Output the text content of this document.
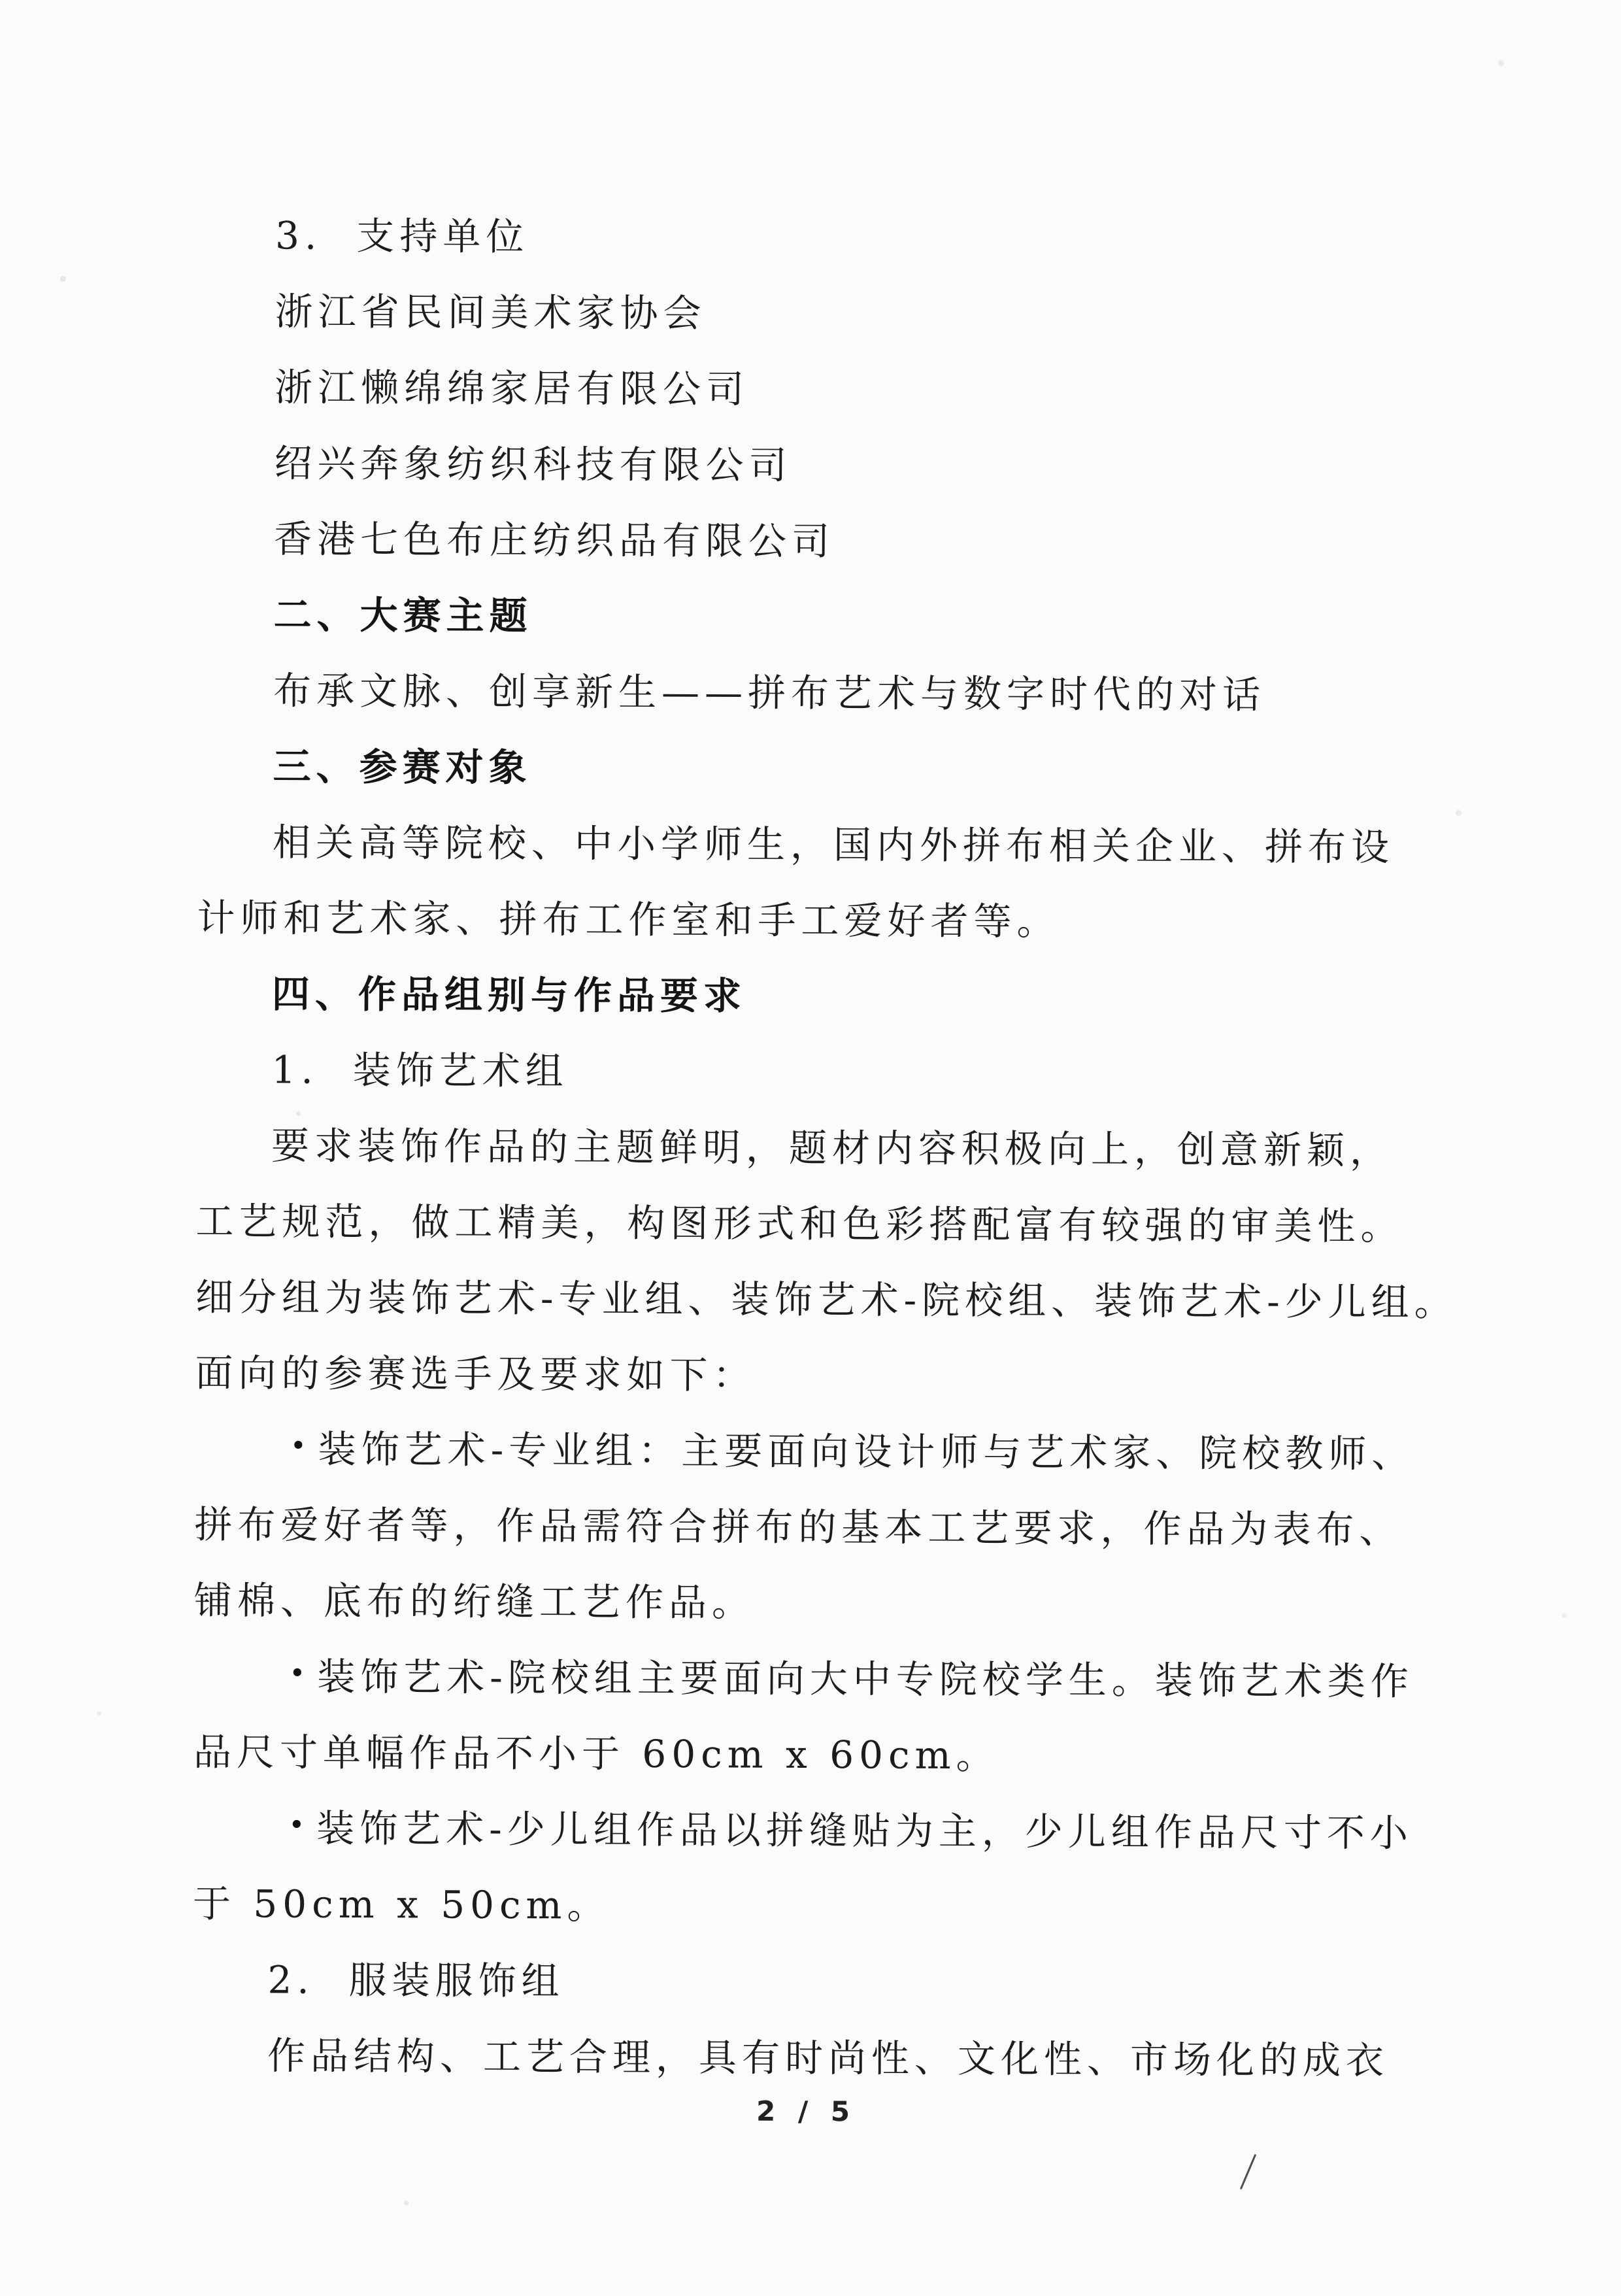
3.  支持单位
浙江省民间美术家协会
浙江懒绵绵家居有限公司
绍兴奔象纺织科技有限公司
香港七色布庄纺织品有限公司
二、大赛主题
布承文脉、创享新生——拼布艺术与数字时代的对话
三、参赛对象
相关高等院校、中小学师生，国内外拼布相关企业、拼布设
计师和艺术家、拼布工作室和手工爱好者等。
四、作品组别与作品要求
1.  装饰艺术组
要求装饰作品的主题鲜明，题材内容积极向上，创意新颖，
工艺规范，做工精美，构图形式和色彩搭配富有较强的审美性。
细分组为装饰艺术-专业组、装饰艺术-院校组、装饰艺术-少儿组。
面向的参赛选手及要求如下：
• 装饰艺术-专业组：主要面向设计师与艺术家、院校教师、
拼布爱好者等，作品需符合拼布的基本工艺要求，作品为表布、
铺棉、底布的绗缝工艺作品。
• 装饰艺术-院校组主要面向大中专院校学生。装饰艺术类作
品尺寸单幅作品不小于 60cm x 60cm。
• 装饰艺术-少儿组作品以拼缝贴为主，少儿组作品尺寸不小
于 50cm x 50cm。
2.  服装服饰组
作品结构、工艺合理，具有时尚性、文化性、市场化的成衣
2 / 5
